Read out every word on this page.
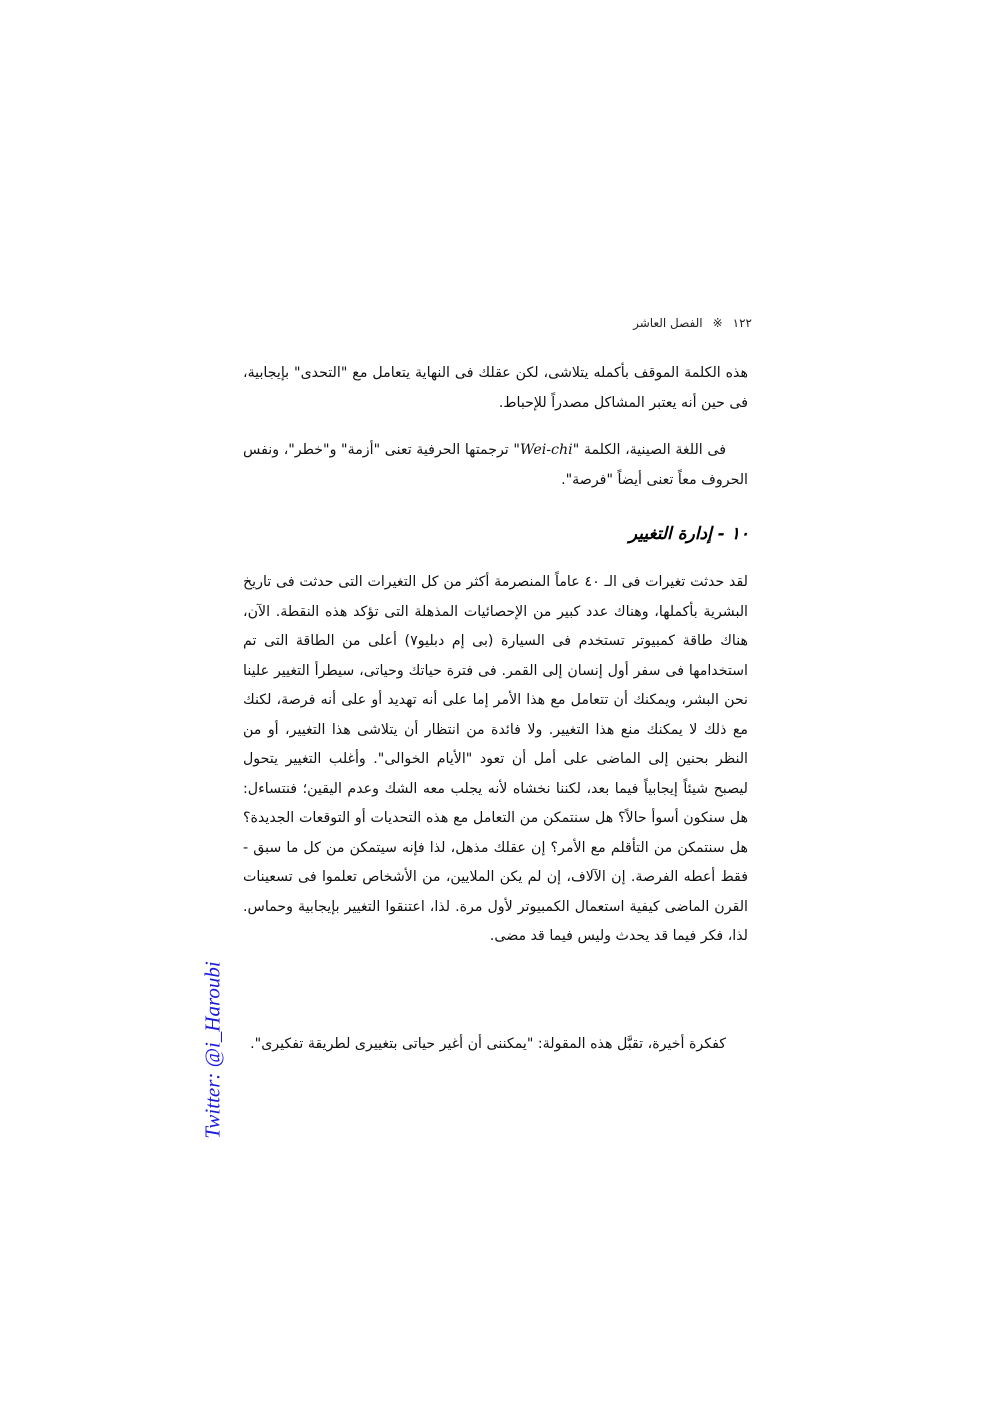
١٢٢※الفصل العاشر

هذه الكلمة الموقف بأكمله يتلاشى، لكن عقلك فى النهاية يتعامل مع "التحدى" بإيجابية، فى حين أنه يعتبر المشاكل مصدراً للإحباط.

فى اللغة الصينية، الكلمة "Wei-chi" ترجمتها الحرفية تعنى "أزمة" و"خطر"، ونفس الحروف معاً تعنى أيضاً "فرصة".

١٠ - إدارة التغيير

لقد حدثت تغيرات فى الـ ٤٠ عاماً المنصرمة أكثر من كل التغيرات التى حدثت فى تاريخ البشرية بأكملها، وهناك عدد كبير من الإحصائيات المذهلة التى تؤكد هذه النقطة. الآن، هناك طاقة كمبيوتر تستخدم فى السيارة (بى إم دبليو٧) أعلى من الطاقة التى تم استخدامها فى سفر أول إنسان إلى القمر. فى فترة حياتك وحياتى، سيطرأ التغيير علينا نحن البشر، ويمكنك أن تتعامل مع هذا الأمر إما على أنه تهديد أو على أنه فرصة، لكنك مع ذلك لا يمكنك منع هذا التغيير. ولا فائدة من انتظار أن يتلاشى هذا التغيير، أو من النظر بحنين إلى الماضى على أمل أن تعود "الأيام الخوالى". وأغلب التغيير يتحول ليصبح شيئاً إيجابياً فيما بعد، لكننا نخشاه لأنه يجلب معه الشك وعدم اليقين؛ فنتساءل: هل سنكون أسوأ حالاً؟ هل سنتمكن من التعامل مع هذه التحديات أو التوقعات الجديدة؟ هل سنتمكن من التأقلم مع الأمر؟ إن عقلك مذهل، لذا فإنه سيتمكن من كل ما سبق - فقط أعطه الفرصة. إن الآلاف، إن لم يكن الملايين، من الأشخاص تعلموا فى تسعينات القرن الماضى كيفية استعمال الكمبيوتر لأول مرة. لذا، اعتنقوا التغيير بإيجابية وحماس. لذا، فكر فيما قد يحدث وليس فيما قد مضى.

كفكرة أخيرة، تقبَّل هذه المقولة: "يمكننى أن أغير حياتى بتغييرى لطريقة تفكيرى".

Twitter: @i_Haroubi
